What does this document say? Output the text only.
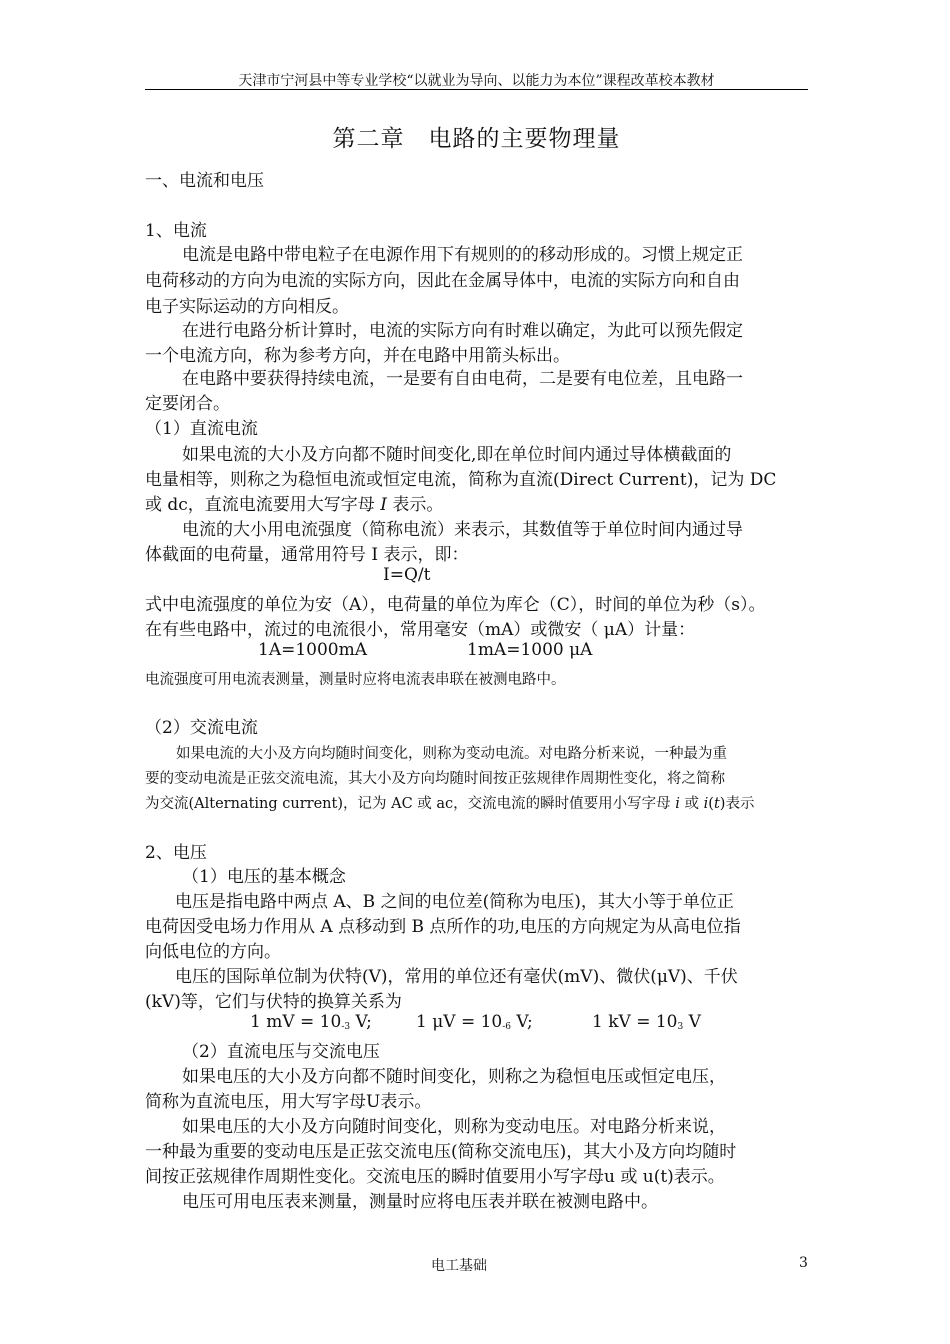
天津市宁河县中等专业学校“以就业为导向、以能力为本位”课程改革校本教材
第二章　电路的主要物理量
一、电流和电压
1、电流
电流是电路中带电粒子在电源作用下有规则的的移动形成的。习惯上规定正
电荷移动的方向为电流的实际方向，因此在金属导体中，电流的实际方向和自由
电子实际运动的方向相反。
在进行电路分析计算时，电流的实际方向有时难以确定，为此可以预先假定
一个电流方向，称为参考方向，并在电路中用箭头标出。
在电路中要获得持续电流，一是要有自由电荷，二是要有电位差，且电路一
定要闭合。
（1）直流电流
如果电流的大小及方向都不随时间变化,即在单位时间内通过导体横截面的
电量相等，则称之为稳恒电流或恒定电流，简称为直流(Direct Current)，记为 DC
或 dc，直流电流要用大写字母 I 表示。
电流的大小用电流强度（简称电流）来表示，其数值等于单位时间内通过导
体截面的电荷量，通常用符号 I 表示，即：
I=Q/t
式中电流强度的单位为安（A），电荷量的单位为库仑（C），时间的单位为秒（s）。
在有些电路中，流过的电流很小，常用毫安（mA）或微安（ μA）计量：
1A=1000mA	1mA=1000 μA
电流强度可用电流表测量，测量时应将电流表串联在被测电路中。
（2）交流电流
如果电流的大小及方向均随时间变化，则称为变动电流。对电路分析来说，一种最为重
要的变动电流是正弦交流电流，其大小及方向均随时间按正弦规律作周期性变化，将之简称
为交流(Alternating current)，记为 AC 或 ac，交流电流的瞬时值要用小写字母 i 或 i(t)表示
2、电压
（1）电压的基本概念
电压是指电路中两点 A、B 之间的电位差(简称为电压)，其大小等于单位正
电荷因受电场力作用从 A 点移动到 B 点所作的功,电压的方向规定为从高电位指
向低电位的方向。
电压的国际单位制为伏特(V)，常用的单位还有毫伏(mV)、微伏(μV)、千伏
(kV)等，它们与伏特的换算关系为
1 mV = $10^{-3}$ V;	1 $\mu V = 10^{-6}$ V;	1 kV = $10^3$ V
（2）直流电压与交流电压
如果电压的大小及方向都不随时间变化，则称之为稳恒电压或恒定电压，
简称为直流电压，用大写字母U表示。
如果电压的大小及方向随时间变化，则称为变动电压。对电路分析来说，
一种最为重要的变动电压是正弦交流电压(简称交流电压)，其大小及方向均随时
间按正弦规律作周期性变化。交流电压的瞬时值要用小写字母u 或 u(t)表示。
电压可用电压表来测量，测量时应将电压表并联在被测电路中。
电工基础	3
